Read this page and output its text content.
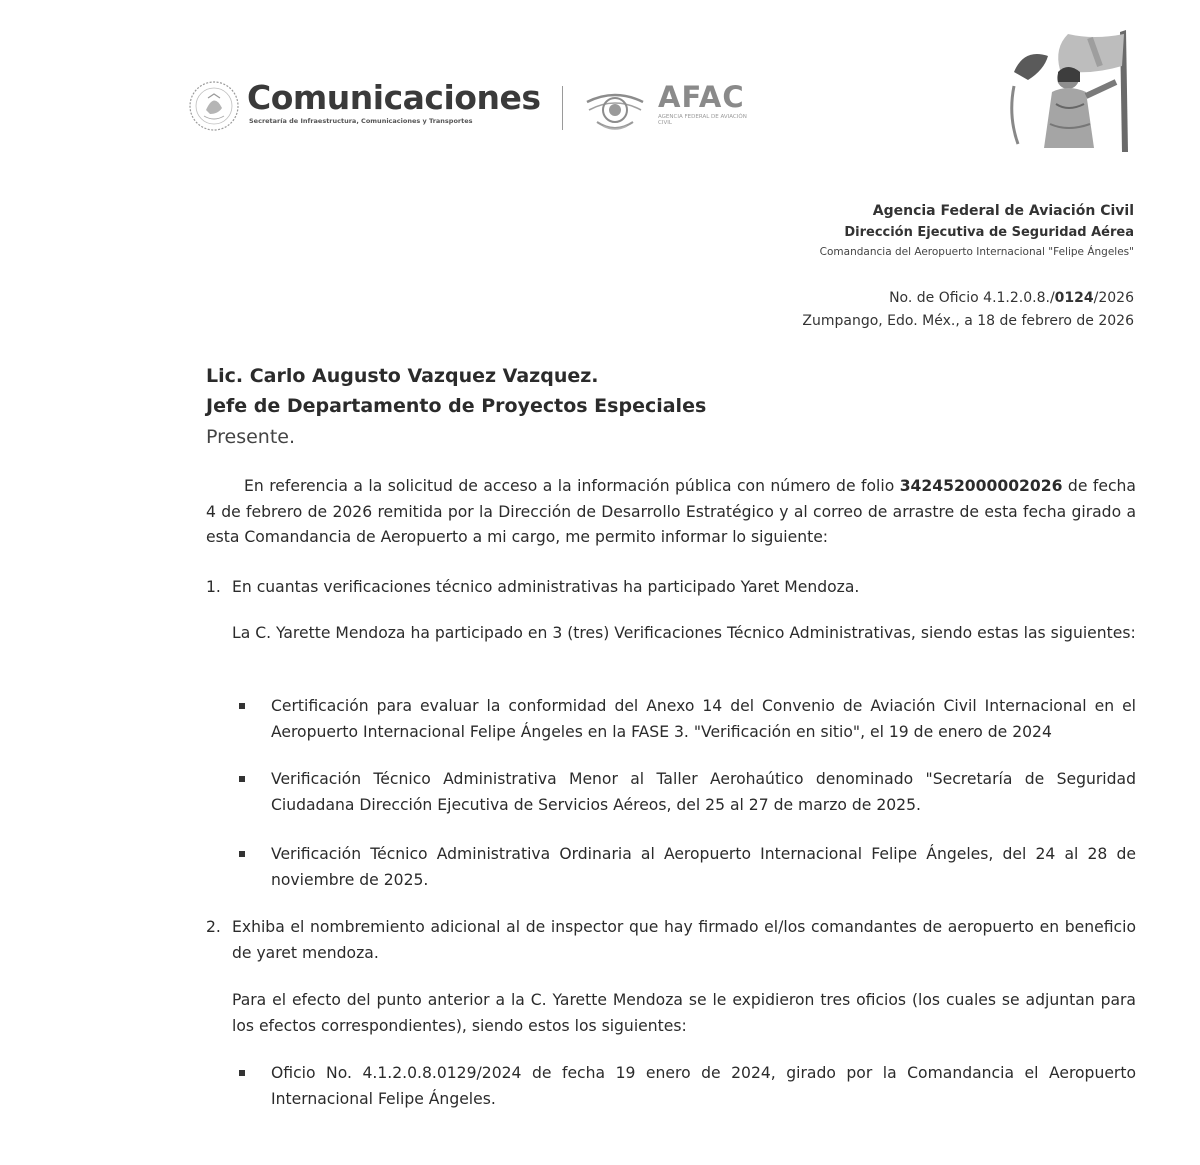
Comunicaciones
Secretaría de Infraestructura, Comunicaciones y Transportes
AFAC
AGENCIA FEDERAL DE AVIACIÓN CIVIL
Agencia Federal de Aviación Civil
Dirección Ejecutiva de Seguridad Aérea
Comandancia del Aeropuerto Internacional "Felipe Ángeles"
No. de Oficio 4.1.2.0.8./0124/2026
Zumpango, Edo. Méx., a 18 de febrero de 2026
Lic. Carlo Augusto Vazquez Vazquez.
Jefe de Departamento de Proyectos Especiales
Presente.
En referencia a la solicitud de acceso a la información pública con número de folio 342452000002026 de fecha 4 de febrero de 2026 remitida por la Dirección de Desarrollo Estratégico y al correo de arrastre de esta fecha girado a esta Comandancia de Aeropuerto a mi cargo, me permito informar lo siguiente:
1. En cuantas verificaciones técnico administrativas ha participado Yaret Mendoza.
La C. Yarette Mendoza ha participado en 3 (tres) Verificaciones Técnico Administrativas, siendo estas las siguientes:
Certificación para evaluar la conformidad del Anexo 14 del Convenio de Aviación Civil Internacional en el Aeropuerto Internacional Felipe Ángeles en la FASE 3. "Verificación en sitio", el 19 de enero de 2024
Verificación Técnico Administrativa Menor al Taller Aerohaútico denominado "Secretaría de Seguridad Ciudadana Dirección Ejecutiva de Servicios Aéreos, del 25 al 27 de marzo de 2025.
Verificación Técnico Administrativa Ordinaria al Aeropuerto Internacional Felipe Ángeles, del 24 al 28 de noviembre de 2025.
2. Exhiba el nombremiento adicional al de inspector que hay firmado el/los comandantes de aeropuerto en beneficio de yaret mendoza.
Para el efecto del punto anterior a la C. Yarette Mendoza se le expidieron tres oficios (los cuales se adjuntan para los efectos correspondientes), siendo estos los siguientes:
Oficio No. 4.1.2.0.8.0129/2024 de fecha 19 enero de 2024, girado por la Comandancia el Aeropuerto Internacional Felipe Ángeles.
